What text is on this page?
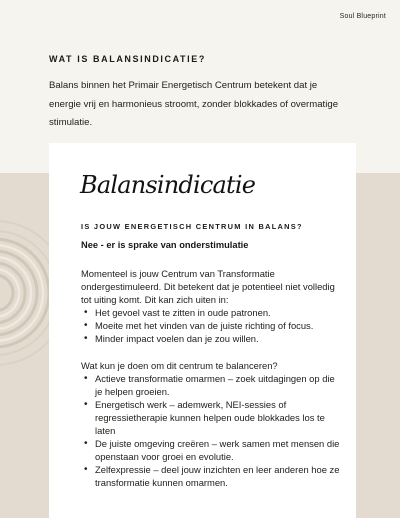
Soul Blueprint
WAT IS BALANSINDICATIE?
Balans binnen het Primair Energetisch Centrum betekent dat je energie vrij en harmonieus stroomt, zonder blokkades of overmatige stimulatie.
Balansindicatie
IS JOUW ENERGETISCH CENTRUM IN BALANS?
Nee - er is sprake van onderstimulatie

Momenteel is jouw Centrum van Transformatie ondergestimuleerd. Dit betekent dat je potentieel niet volledig tot uiting komt. Dit kan zich uiten in:

• Het gevoel vast te zitten in oude patronen.
• Moeite met het vinden van de juiste richting of focus.
• Minder impact voelen dan je zou willen.

Wat kun je doen om dit centrum te balanceren?

• Actieve transformatie omarmen – zoek uitdagingen op die je helpen groeien.
• Energetisch werk – ademwerk, NEI-sessies of regressietherapie kunnen helpen oude blokkades los te laten
• De juiste omgeving creëren – werk samen met mensen die openstaan voor groei en evolutie.
• Zelfexpressie – deel jouw inzichten en leer anderen hoe ze transformatie kunnen omarmen.
